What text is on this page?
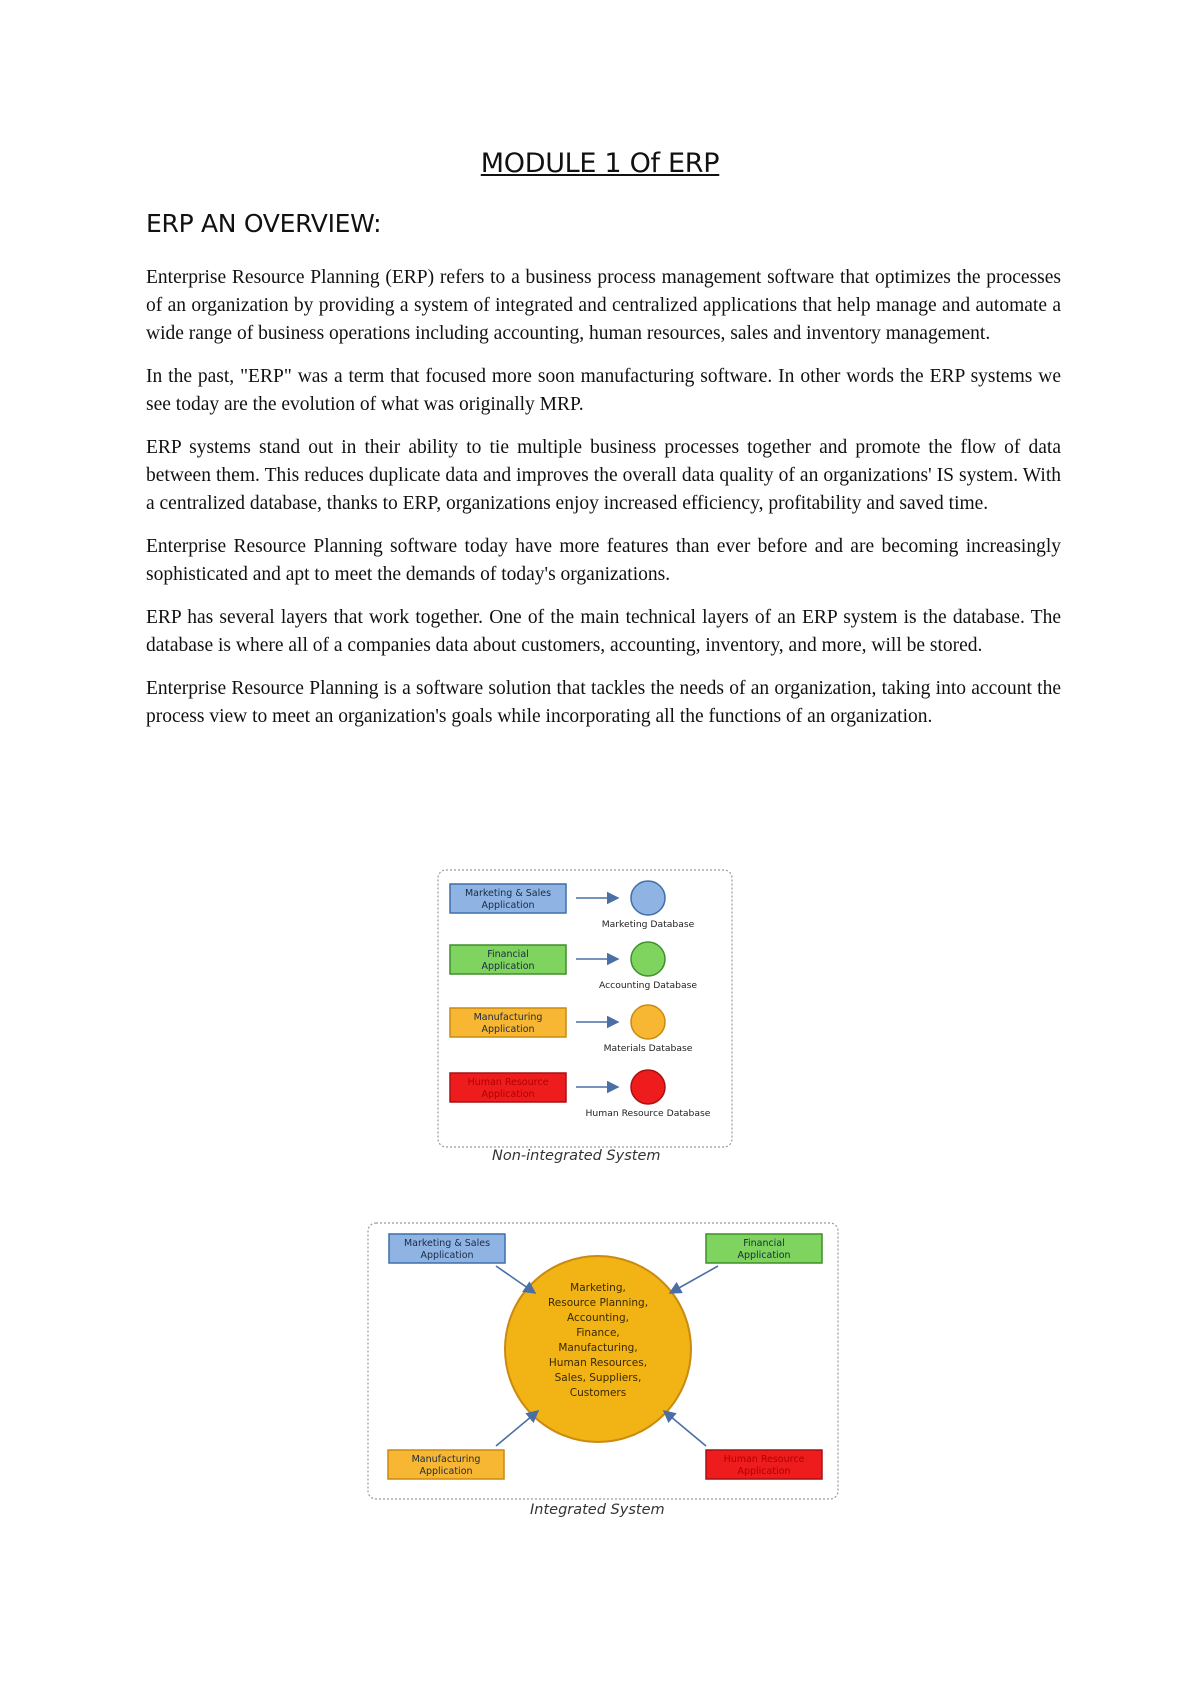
MODULE 1 Of ERP
ERP AN OVERVIEW:

Enterprise Resource Planning (ERP) refers to a business process management software that optimizes the processes of an organization by providing a system of integrated and centralized applications that help manage and automate a wide range of business operations including accounting, human resources, sales and inventory management.

In the past, "ERP" was a term that focused more soon manufacturing software. In other words the ERP systems we see today are the evolution of what was originally MRP.

ERP systems stand out in their ability to tie multiple business processes together and promote the flow of data between them. This reduces duplicate data and improves the overall data quality of an organizations' IS system. With a centralized database, thanks to ERP, organizations enjoy increased efficiency, profitability and saved time.

Enterprise Resource Planning software today have more features than ever before and are becoming increasingly sophisticated and apt to meet the demands of today's organizations.

ERP has several layers that work together. One of the main technical layers of an ERP system is the database. The database is where all of a companies data about customers, accounting, inventory, and more, will be stored.

Enterprise Resource Planning is a software solution that tackles the needs of an organization, taking into account the process view to meet an organization's goals while incorporating all the functions of an organization.

Marketing & Sales
Application
Marketing Database
Financial
Application
Accounting Database
Manufacturing
Application
Materials Database
Human Resource
Application
Human Resource Database
Non-integrated System
Marketing,
Resource Planning,
Accounting,
Finance,
Manufacturing,
Human Resources,
Sales, Suppliers,
Customers
Marketing & Sales
Application
Financial
Application
Manufacturing
Application
Human Resource
Application
Integrated System
